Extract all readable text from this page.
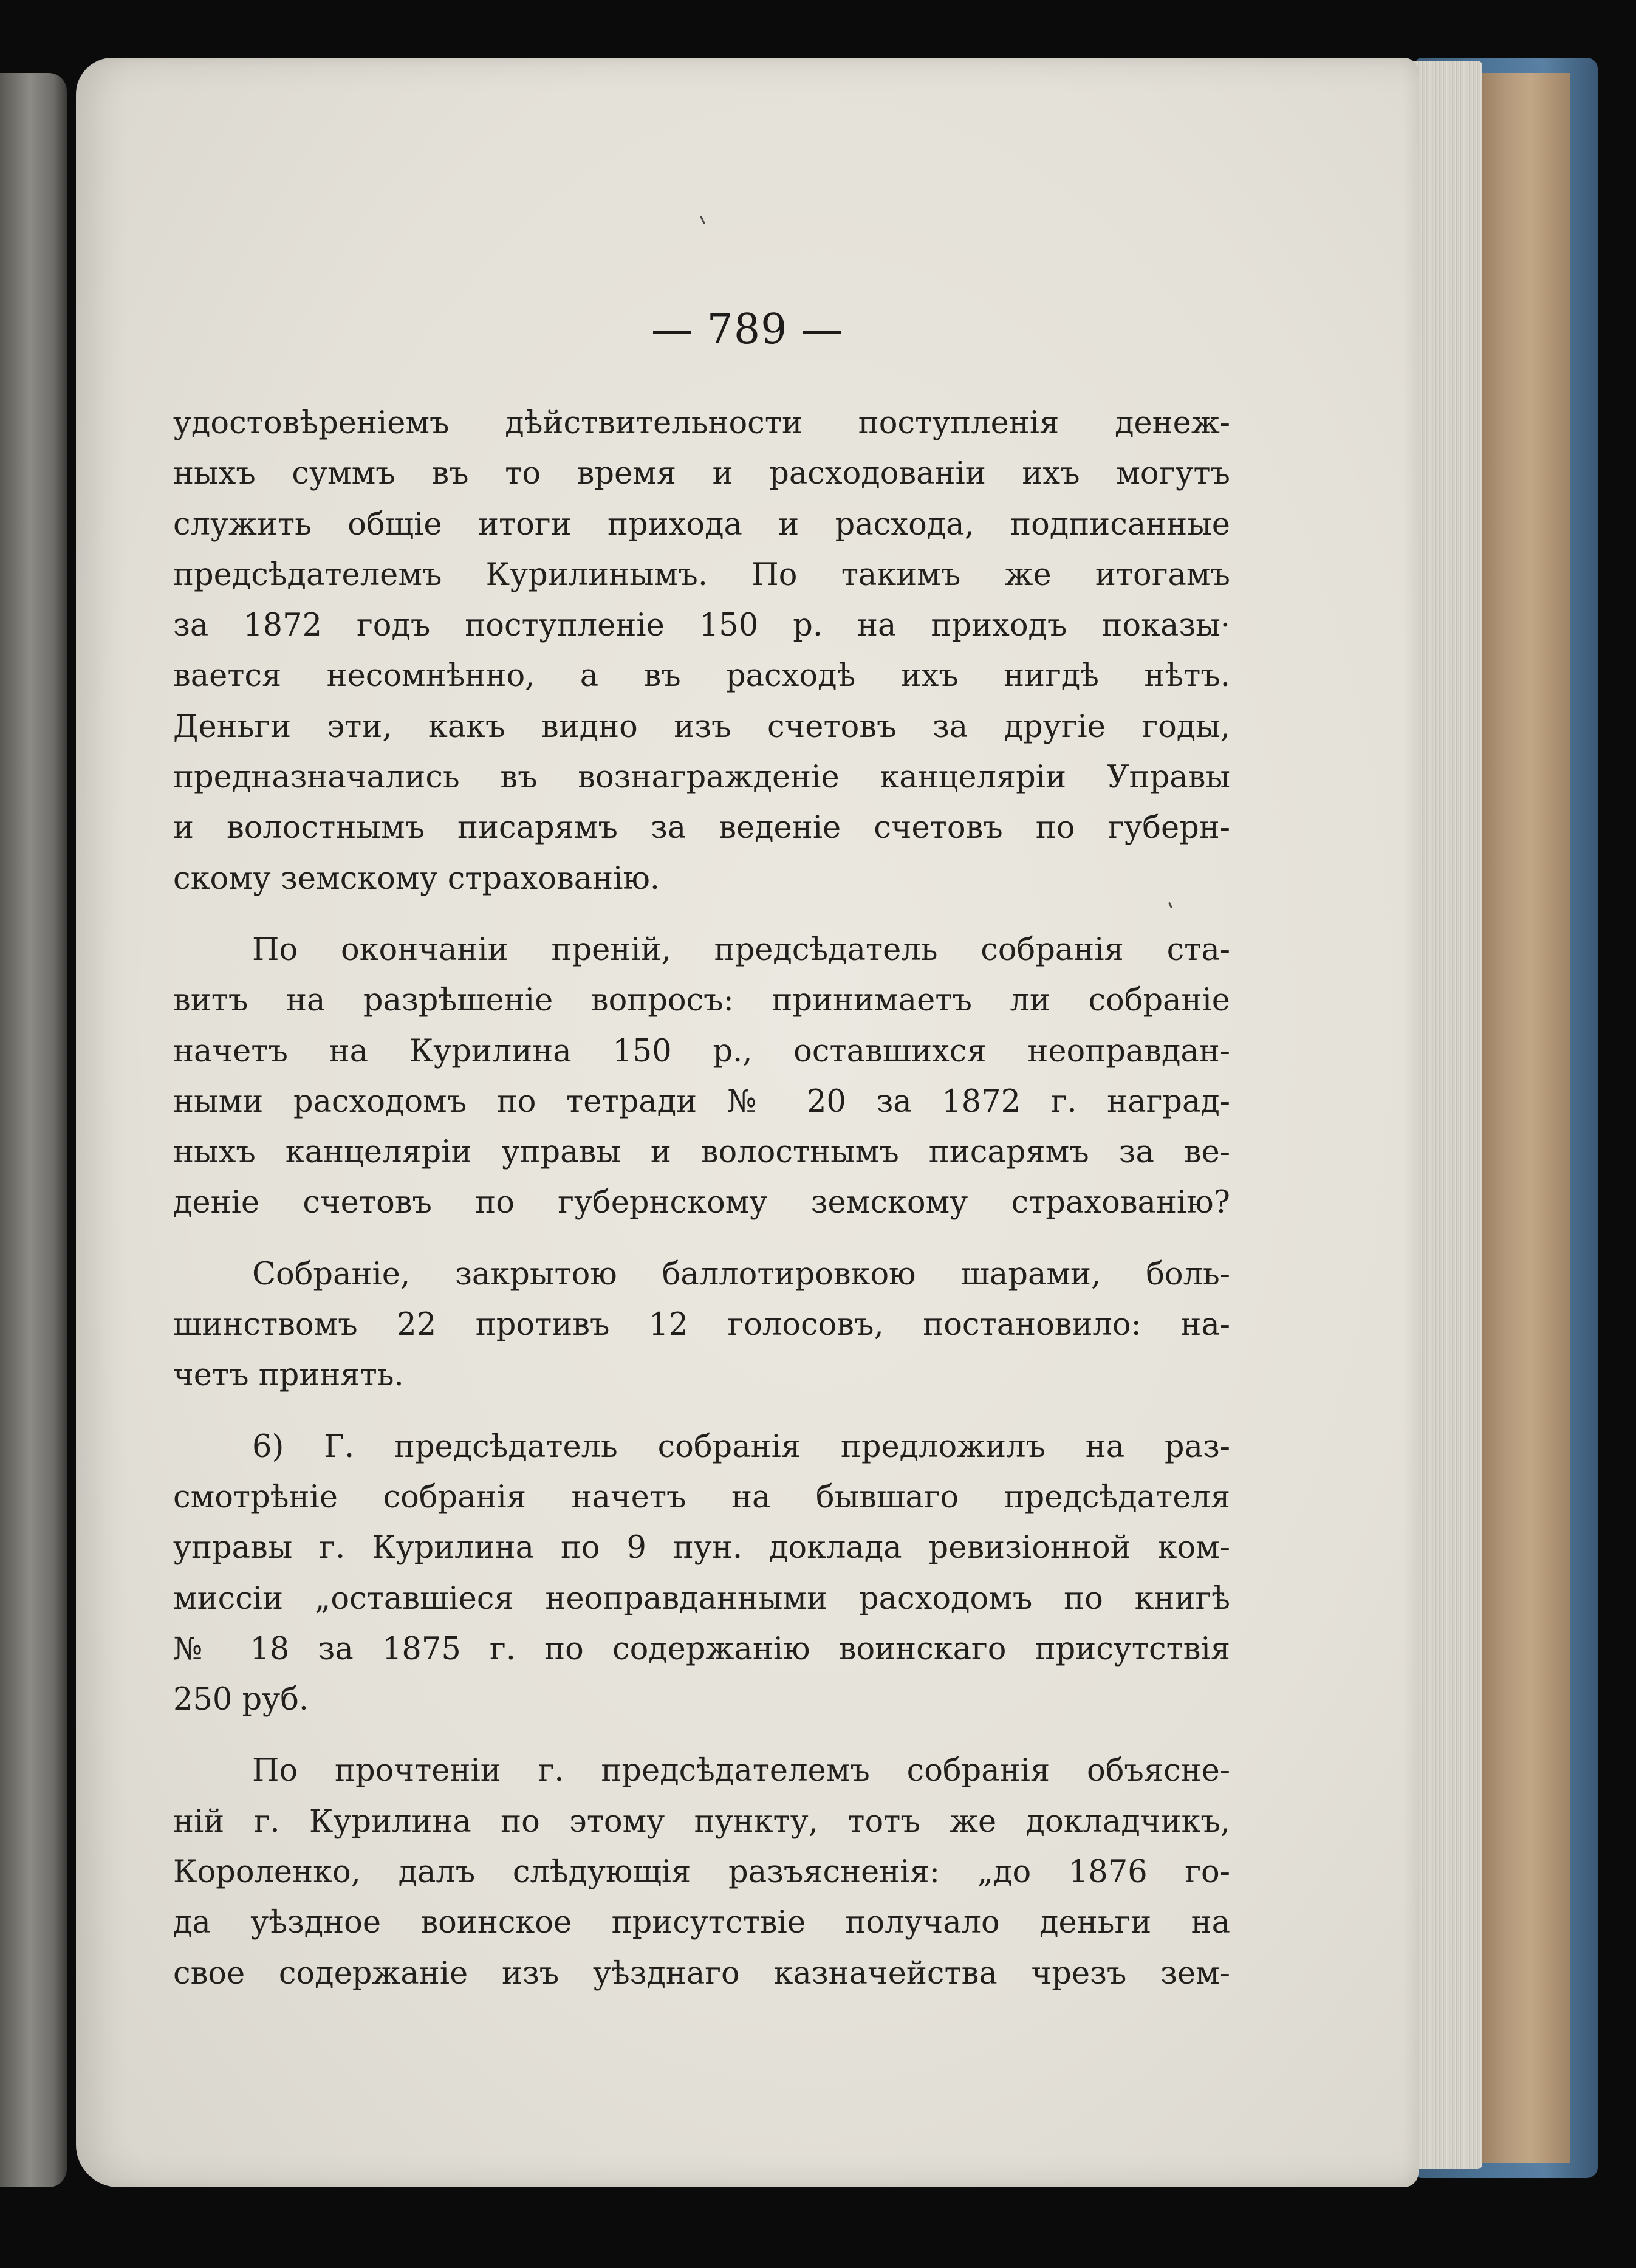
— 789 —
удостовѣреніемъ дѣйствительности поступленія денеж-
ныхъ суммъ въ то время и расходованіи ихъ могутъ
служить общіе итоги прихода и расхода, подписанные
предсѣдателемъ Курилинымъ. По такимъ же итогамъ
за 1872 годъ поступленіе 150 р. на приходъ показы·
вается несомнѣнно, а въ расходѣ ихъ нигдѣ нѣтъ.
Деньги эти, какъ видно изъ счетовъ за другіе годы,
предназначались въ вознагражденіе канцеляріи Управы
и волостнымъ писарямъ за веденіе счетовъ по губерн-
скому земскому страхованію.
По окончаніи преній, предсѣдатель собранія ста-
витъ на разрѣшеніе вопросъ: принимаетъ ли собраніе
начетъ на Курилина 150 р., оставшихся неоправдан-
ными расходомъ по тетради № 20 за 1872 г. наград-
ныхъ канцеляріи управы и волостнымъ писарямъ за ве-
деніе счетовъ по губернскому земскому страхованію?
Собраніе, закрытою баллотировкою шарами, боль-
шинствомъ 22 противъ 12 голосовъ, постановило: на-
четъ принять.
6) Г. предсѣдатель собранія предложилъ на раз-
смотрѣніе собранія начетъ на бывшаго предсѣдателя
управы г. Курилина по 9 пун. доклада ревизіонной ком-
миссіи „оставшіеся неоправданными расходомъ по книгѣ
№ 18 за 1875 г. по содержанію воинскаго присутствія
250 руб.
По прочтеніи г. предсѣдателемъ собранія объясне-
ній г. Курилина по этому пункту, тотъ же докладчикъ,
Короленко, далъ слѣдующія разъясненія: „до 1876 го-
да уѣздное воинское присутствіе получало деньги на
свое содержаніе изъ уѣзднаго казначейства чрезъ зем-
